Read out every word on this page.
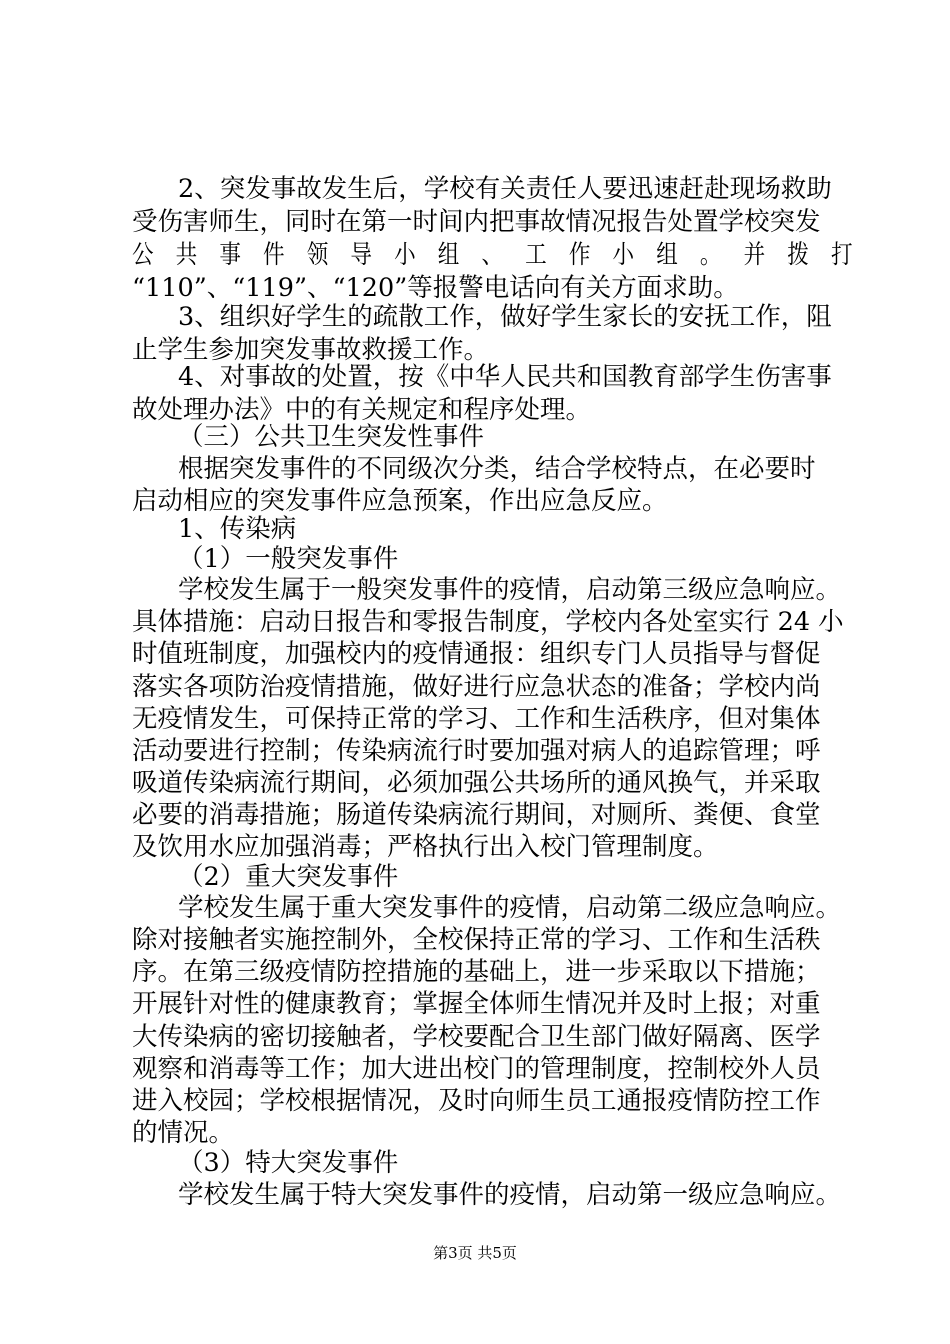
2、突发事故发生后，学校有关责任人要迅速赶赴现场救助
受伤害师生，同时在第一时间内把事故情况报告处置学校突发
公 共 事 件 领 导 小 组 、 工 作 小 组 。 并 拨 打
“110”、“119”、“120”等报警电话向有关方面求助。
3、组织好学生的疏散工作，做好学生家长的安抚工作，阻
止学生参加突发事故救援工作。
4、对事故的处置，按《中华人民共和国教育部学生伤害事
故处理办法》中的有关规定和程序处理。
（三）公共卫生突发性事件
根据突发事件的不同级次分类，结合学校特点，在必要时
启动相应的突发事件应急预案，作出应急反应。
1、传染病
（1）一般突发事件
学校发生属于一般突发事件的疫情，启动第三级应急响应。
具体措施：启动日报告和零报告制度，学校内各处室实行 24 小
时值班制度，加强校内的疫情通报：组织专门人员指导与督促
落实各项防治疫情措施，做好进行应急状态的准备；学校内尚
无疫情发生，可保持正常的学习、工作和生活秩序，但对集体
活动要进行控制；传染病流行时要加强对病人的追踪管理；呼
吸道传染病流行期间，必须加强公共场所的通风换气，并采取
必要的消毒措施；肠道传染病流行期间，对厕所、粪便、食堂
及饮用水应加强消毒；严格执行出入校门管理制度。
（2）重大突发事件
学校发生属于重大突发事件的疫情，启动第二级应急响应。
除对接触者实施控制外，全校保持正常的学习、工作和生活秩
序。在第三级疫情防控措施的基础上，进一步采取以下措施；
开展针对性的健康教育；掌握全体师生情况并及时上报；对重
大传染病的密切接触者，学校要配合卫生部门做好隔离、医学
观察和消毒等工作；加大进出校门的管理制度，控制校外人员
进入校园；学校根据情况，及时向师生员工通报疫情防控工作
的情况。
（3）特大突发事件
学校发生属于特大突发事件的疫情，启动第一级应急响应。
第3页 共5页
